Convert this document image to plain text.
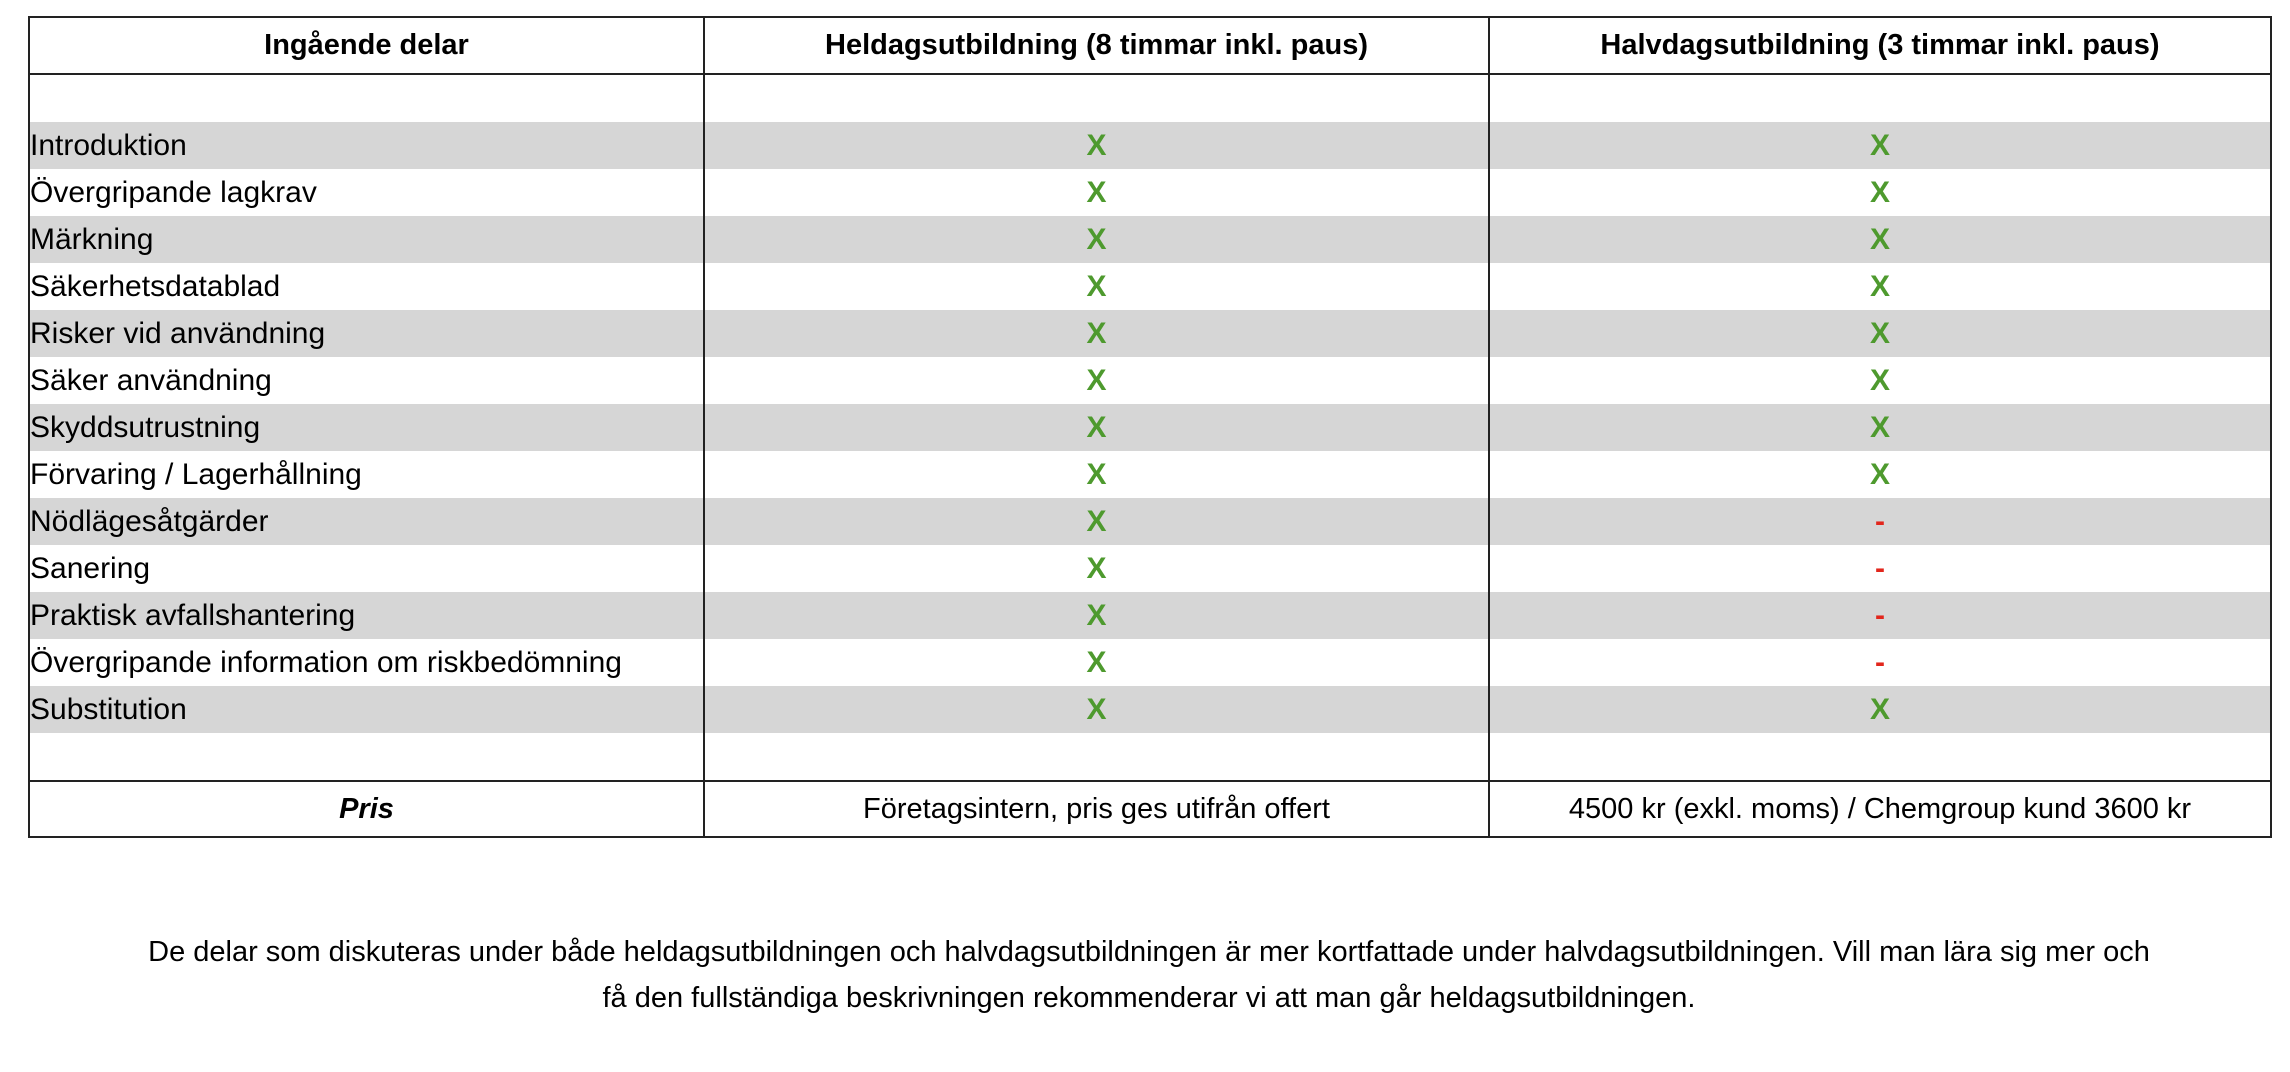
Ingående delar	Heldagsutbildning (8 timmar inkl. paus)	Halvdagsutbildning (3 timmar inkl. paus)

Introduktion	X	X
Övergripande lagkrav	X	X
Märkning	X	X
Säkerhetsdatablad	X	X
Risker vid användning	X	X
Säker användning	X	X
Skyddsutrustning	X	X
Förvaring / Lagerhållning	X	X
Nödlägesåtgärder	X	-
Sanering	X	-
Praktisk avfallshantering	X	-
Övergripande information om riskbedömning	X	-
Substitution	X	X

Pris	Företagsintern, pris ges utifrån offert	4500 kr (exkl. moms) / Chemgroup kund 3600 kr
De delar som diskuteras under både heldagsutbildningen och halvdagsutbildningen är mer kortfattade under halvdagsutbildningen. Vill man lära sig mer och
få den fullständiga beskrivningen rekommenderar vi att man går heldagsutbildningen.
